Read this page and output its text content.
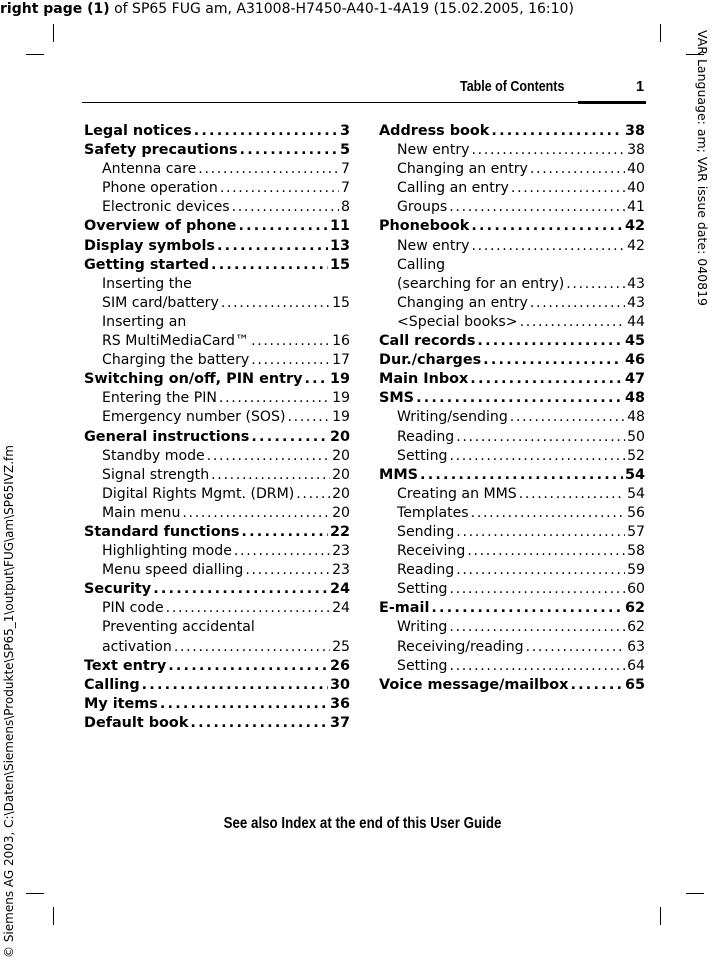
right page (1) of SP65 FUG am, A31008-H7450-A40-1-4A19 (15.02.2005, 16:10)
VAR Language: am; VAR issue date: 040819
© Siemens AG 2003, C:\Daten\Siemens\Produkte\SP65_1\output\FUG\am\SP65IVZ.fm
Table of Contents	1
Legal notices . . .	3
Safety precautions . . .	5
Antenna care . . .	7
Phone operation . . .	7
Electronic devices . . .	8
Overview of phone . . .	11
Display symbols . . .	13
Getting started . . .	15
Inserting the
SIM card/battery . . .	15
Inserting an
RS MultiMediaCard™ . . .	16
Charging the battery . . .	17
Switching on/off, PIN entry . . . 19
Entering the PIN . . .	19
Emergency number (SOS) . . .	19
General instructions . . .	20
Standby mode . . .	20
Signal strength . . .	20
Digital Rights Mgmt. (DRM) . . .	20
Main menu . . .	20
Standard functions . . .	22
Highlighting mode . . .	23
Menu speed dialling . . .	23
Security . . .	24
PIN code . . .	24
Preventing accidental
activation . . .	25
Text entry . . .	26
Calling . . .	30
My items . . .	36
Default book . . .	37
Address book . . .	38
New entry . . .	38
Changing an entry . . .	40
Calling an entry . . .	40
Groups . . .	41
Phonebook . . .	42
New entry . . .	42
Calling
(searching for an entry) . . .	43
Changing an entry . . .	43
<Special books> . . .	44
Call records . . .	45
Dur./charges . . .	46
Main Inbox . . .	47
SMS . . .	48
Writing/sending . . .	48
Reading . . .	50
Setting . . .	52
MMS . . .	54
Creating an MMS . . .	54
Templates . . .	56
Sending . . .	57
Receiving . . .	58
Reading . . .	59
Setting . . .	60
E-mail . . .	62
Writing . . .	62
Receiving/reading . . .	63
Setting . . .	64
Voice message/mailbox . . .	65
See also Index at the end of this User Guide
